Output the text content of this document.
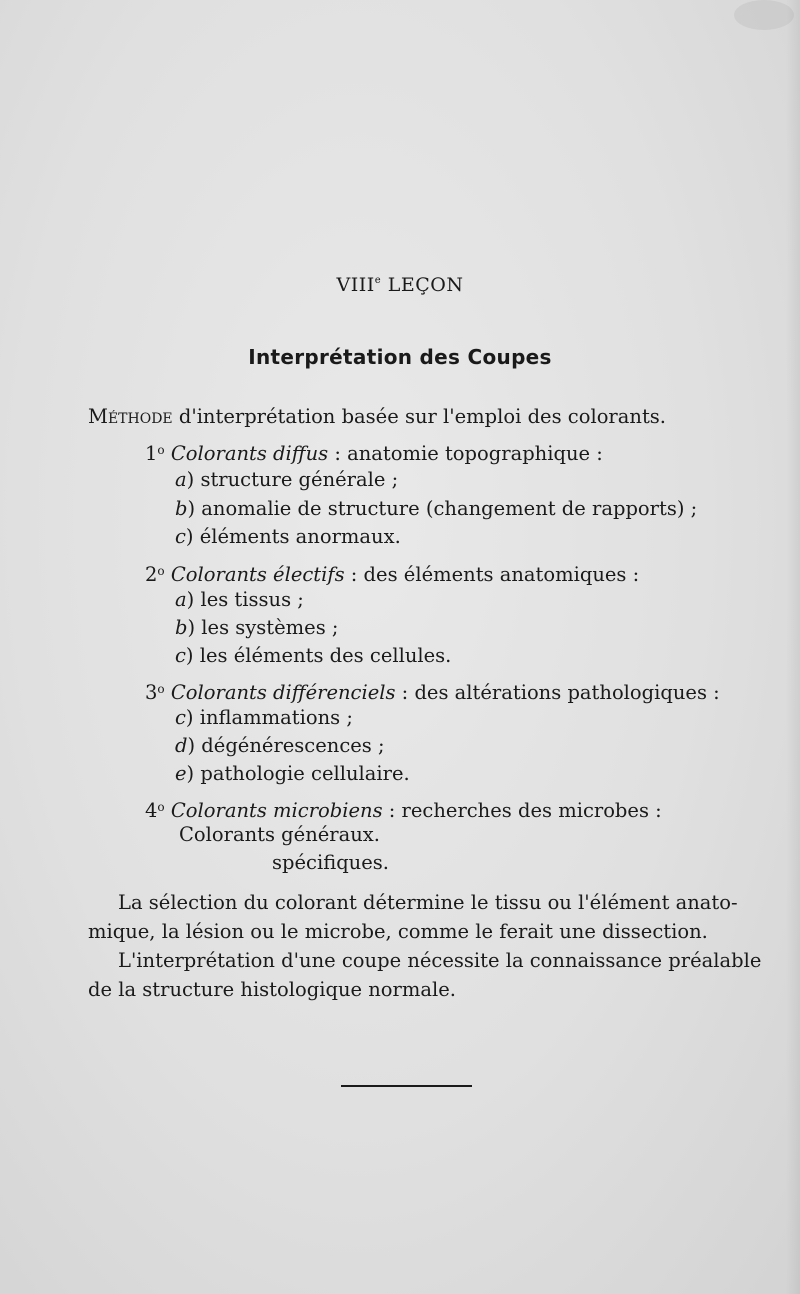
VIIIe LEÇON
Interprétation des Coupes
Méthode d'interprétation basée sur l'emploi des colorants.
1$^o$ Colorants diffus : anatomie topographique :
a) structure générale ;
b) anomalie de structure (changement de rapports) ;
c) éléments anormaux.
2$^o$ Colorants électifs : des éléments anatomiques :
a) les tissus ;
b) les systèmes ;
c) les éléments des cellules.
3$^o$ Colorants différenciels : des altérations pathologiques :
c) inflammations ;
d) dégénérescences ;
e) pathologie cellulaire.
4$^o$ Colorants microbiens : recherches des microbes :
Colorants généraux.
spécifiques.
La sélection du colorant détermine le tissu ou l'élément anato-
mique, la lésion ou le microbe, comme le ferait une dissection.
L'interprétation d'une coupe nécessite la connaissance préalable
de la structure histologique normale.
